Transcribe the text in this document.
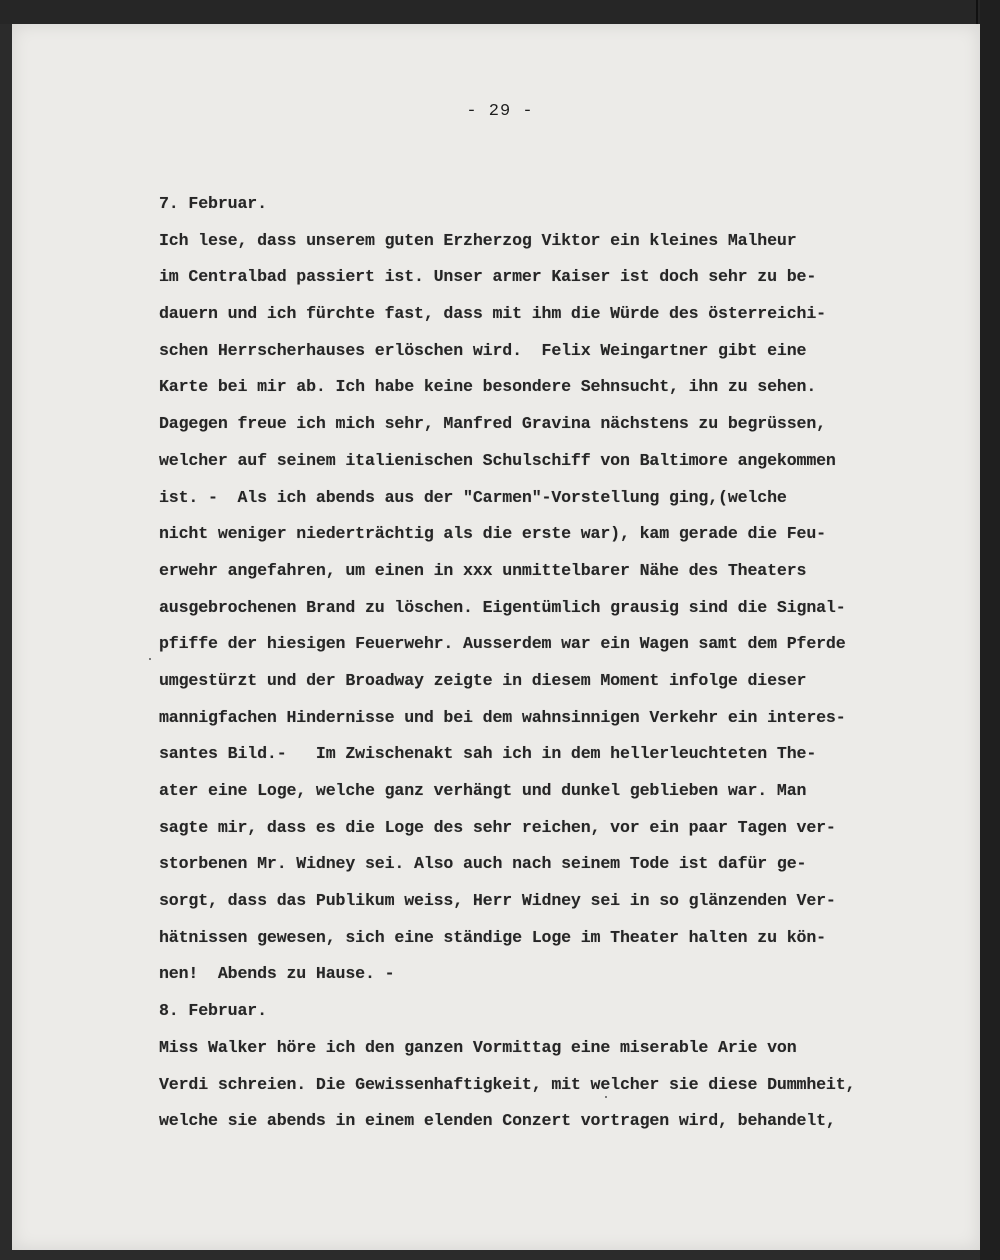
- 29 -
7. Februar.
Ich lese, dass unserem guten Erzherzog Viktor ein kleines Malheur
im Centralbad passiert ist. Unser armer Kaiser ist doch sehr zu be-
dauern und ich fürchte fast, dass mit ihm die Würde des österreichi-
schen Herrscherhauses erlöschen wird.  Felix Weingartner gibt eine
Karte bei mir ab. Ich habe keine besondere Sehnsucht, ihn zu sehen.
Dagegen freue ich mich sehr, Manfred Gravina nächstens zu begrüssen,
welcher auf seinem italienischen Schulschiff von Baltimore angekommen
ist. -  Als ich abends aus der "Carmen"-Vorstellung ging,(welche
nicht weniger niederträchtig als die erste war), kam gerade die Feu-
erwehr angefahren, um einen in xxx unmittelbarer Nähe des Theaters
ausgebrochenen Brand zu löschen. Eigentümlich grausig sind die Signal-
pfiffe der hiesigen Feuerwehr. Ausserdem war ein Wagen samt dem Pferde
umgestürzt und der Broadway zeigte in diesem Moment infolge dieser
mannigfachen Hindernisse und bei dem wahnsinnigen Verkehr ein interes-
santes Bild.-   Im Zwischenakt sah ich in dem hellerleuchteten The-
ater eine Loge, welche ganz verhängt und dunkel geblieben war. Man
sagte mir, dass es die Loge des sehr reichen, vor ein paar Tagen ver-
storbenen Mr. Widney sei. Also auch nach seinem Tode ist dafür ge-
sorgt, dass das Publikum weiss, Herr Widney sei in so glänzenden Ver-
hätnissen gewesen, sich eine ständige Loge im Theater halten zu kön-
nen!  Abends zu Hause. -
8. Februar.
Miss Walker höre ich den ganzen Vormittag eine miserable Arie von
Verdi schreien. Die Gewissenhaftigkeit, mit welcher sie diese Dummheit,
welche sie abends in einem elenden Conzert vortragen wird, behandelt,
